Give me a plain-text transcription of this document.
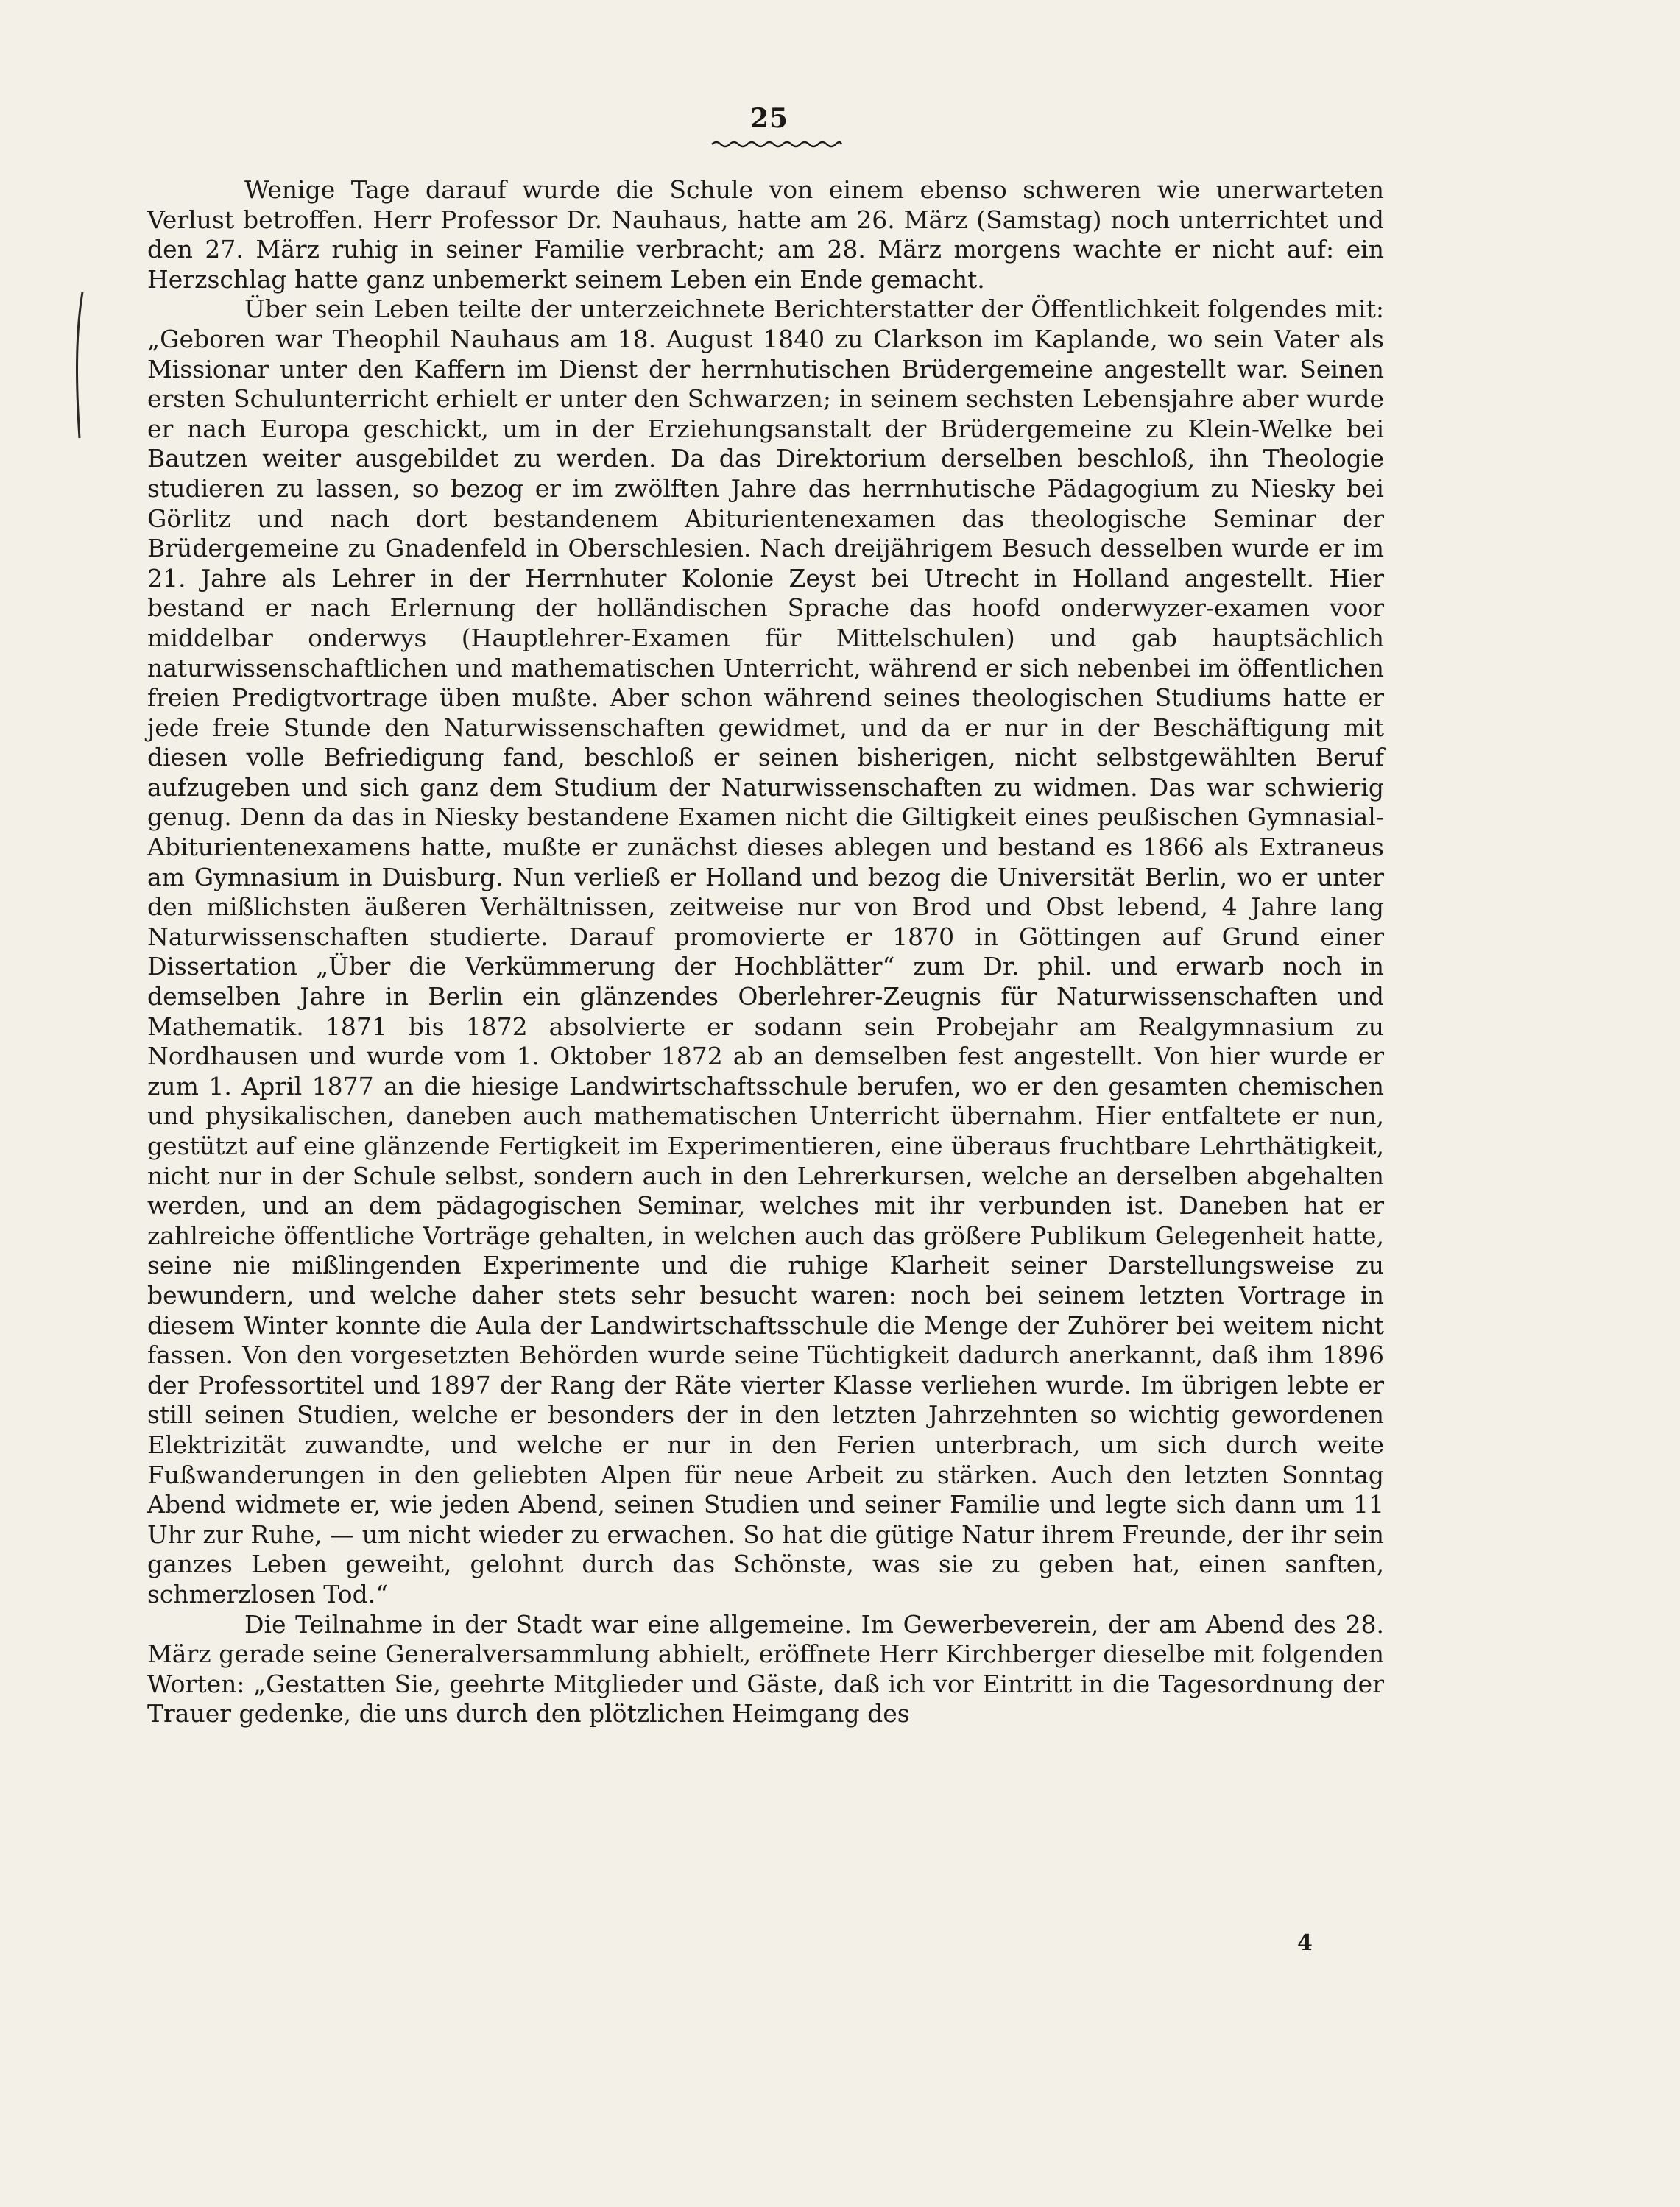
25

Wenige Tage darauf wurde die Schule von einem ebenso schweren wie unerwarteten Verlust betroffen. Herr Professor Dr. Nauhaus, hatte am 26. März (Samstag) noch unterrichtet und den 27. März ruhig in seiner Familie verbracht; am 28. März morgens wachte er nicht auf: ein Herzschlag hatte ganz unbemerkt seinem Leben ein Ende gemacht.

Über sein Leben teilte der unterzeichnete Berichterstatter der Öffentlichkeit folgendes mit: „Geboren war Theophil Nauhaus am 18. August 1840 zu Clarkson im Kaplande, wo sein Vater als Missionar unter den Kaffern im Dienst der herrnhutischen Brüdergemeine angestellt war. Seinen ersten Schulunterricht erhielt er unter den Schwarzen; in seinem sechsten Lebensjahre aber wurde er nach Europa geschickt, um in der Erziehungsanstalt der Brüdergemeine zu Klein-Welke bei Bautzen weiter ausgebildet zu werden. Da das Direktorium derselben beschloß, ihn Theologie studieren zu lassen, so bezog er im zwölften Jahre das herrnhutische Pädagogium zu Niesky bei Görlitz und nach dort bestandenem Abiturientenexamen das theologische Seminar der Brüdergemeine zu Gnadenfeld in Oberschlesien. Nach dreijährigem Besuch desselben wurde er im 21. Jahre als Lehrer in der Herrnhuter Kolonie Zeyst bei Utrecht in Holland angestellt. Hier bestand er nach Erlernung der holländischen Sprache das hoofd onderwyzer-examen voor middelbar onderwys (Hauptlehrer-Examen für Mittelschulen) und gab hauptsächlich naturwissenschaftlichen und mathematischen Unterricht, während er sich nebenbei im öffentlichen freien Predigtvortrage üben mußte. Aber schon während seines theologischen Studiums hatte er jede freie Stunde den Naturwissenschaften gewidmet, und da er nur in der Beschäftigung mit diesen volle Befriedigung fand, beschloß er seinen bisherigen, nicht selbstgewählten Beruf aufzugeben und sich ganz dem Studium der Naturwissenschaften zu widmen. Das war schwierig genug. Denn da das in Niesky bestandene Examen nicht die Giltigkeit eines peußischen Gymnasial-Abiturientenexamens hatte, mußte er zunächst dieses ablegen und bestand es 1866 als Extraneus am Gymnasium in Duisburg. Nun verließ er Holland und bezog die Universität Berlin, wo er unter den mißlichsten äußeren Verhältnissen, zeitweise nur von Brod und Obst lebend, 4 Jahre lang Naturwissenschaften studierte. Darauf promovierte er 1870 in Göttingen auf Grund einer Dissertation „Über die Verkümmerung der Hochblätter“ zum Dr. phil. und erwarb noch in demselben Jahre in Berlin ein glänzendes Oberlehrer-Zeugnis für Naturwissenschaften und Mathematik. 1871 bis 1872 absolvierte er sodann sein Probejahr am Realgymnasium zu Nordhausen und wurde vom 1. Oktober 1872 ab an demselben fest angestellt. Von hier wurde er zum 1. April 1877 an die hiesige Landwirtschaftsschule berufen, wo er den gesamten chemischen und physikalischen, daneben auch mathematischen Unterricht übernahm. Hier entfaltete er nun, gestützt auf eine glänzende Fertigkeit im Experimentieren, eine überaus fruchtbare Lehrthätigkeit, nicht nur in der Schule selbst, sondern auch in den Lehrerkursen, welche an derselben abgehalten werden, und an dem pädagogischen Seminar, welches mit ihr verbunden ist. Daneben hat er zahlreiche öffentliche Vorträge gehalten, in welchen auch das größere Publikum Gelegenheit hatte, seine nie mißlingenden Experimente und die ruhige Klarheit seiner Darstellungsweise zu bewundern, und welche daher stets sehr besucht waren: noch bei seinem letzten Vortrage in diesem Winter konnte die Aula der Landwirtschaftsschule die Menge der Zuhörer bei weitem nicht fassen. Von den vorgesetzten Behörden wurde seine Tüchtigkeit dadurch anerkannt, daß ihm 1896 der Professortitel und 1897 der Rang der Räte vierter Klasse verliehen wurde. Im übrigen lebte er still seinen Studien, welche er besonders der in den letzten Jahrzehnten so wichtig gewordenen Elektrizität zuwandte, und welche er nur in den Ferien unterbrach, um sich durch weite Fußwanderungen in den geliebten Alpen für neue Arbeit zu stärken. Auch den letzten Sonntag Abend widmete er, wie jeden Abend, seinen Studien und seiner Familie und legte sich dann um 11 Uhr zur Ruhe, — um nicht wieder zu erwachen. So hat die gütige Natur ihrem Freunde, der ihr sein ganzes Leben geweiht, gelohnt durch das Schönste, was sie zu geben hat, einen sanften, schmerzlosen Tod.“

Die Teilnahme in der Stadt war eine allgemeine. Im Gewerbeverein, der am Abend des 28. März gerade seine Generalversammlung abhielt, eröffnete Herr Kirchberger dieselbe mit folgenden Worten: „Gestatten Sie, geehrte Mitglieder und Gäste, daß ich vor Eintritt in die Tagesordnung der Trauer gedenke, die uns durch den plötzlichen Heimgang des

4
